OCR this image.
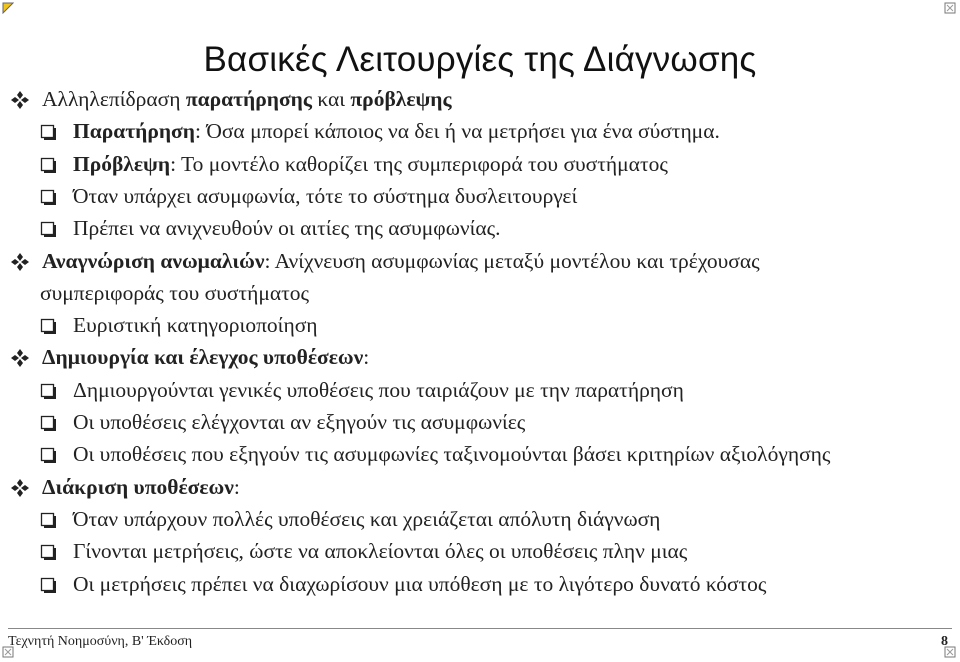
Βασικές Λειτουργίες της Διάγνωσης
Αλληλεπίδραση παρατήρησης και πρόβλεψης
Παρατήρηση: Όσα μπορεί κάποιος να δει ή να μετρήσει για ένα σύστημα.
Πρόβλεψη: Το μοντέλο καθορίζει της συμπεριφορά του συστήματος
Όταν υπάρχει ασυμφωνία, τότε το σύστημα δυσλειτουργεί
Πρέπει να ανιχνευθούν οι αιτίες της ασυμφωνίας.
Αναγνώριση ανωμαλιών: Ανίχνευση ασυμφωνίας μεταξύ μοντέλου και τρέχουσας
συμπεριφοράς του συστήματος
Ευριστική κατηγοριοποίηση
Δημιουργία και έλεγχος υποθέσεων:
Δημιουργούνται γενικές υποθέσεις που ταιριάζουν με την παρατήρηση
Οι υποθέσεις ελέγχονται αν εξηγούν τις ασυμφωνίες
Οι υποθέσεις που εξηγούν τις ασυμφωνίες ταξινομούνται βάσει κριτηρίων αξιολόγησης
Διάκριση υποθέσεων:
Όταν υπάρχουν πολλές υποθέσεις και χρειάζεται απόλυτη διάγνωση
Γίνονται μετρήσεις, ώστε να αποκλείονται όλες οι υποθέσεις πλην μιας
Οι μετρήσεις πρέπει να διαχωρίσουν μια υπόθεση με το λιγότερο δυνατό κόστος
Τεχνητή Νοημοσύνη, B' Έκδοση	8
